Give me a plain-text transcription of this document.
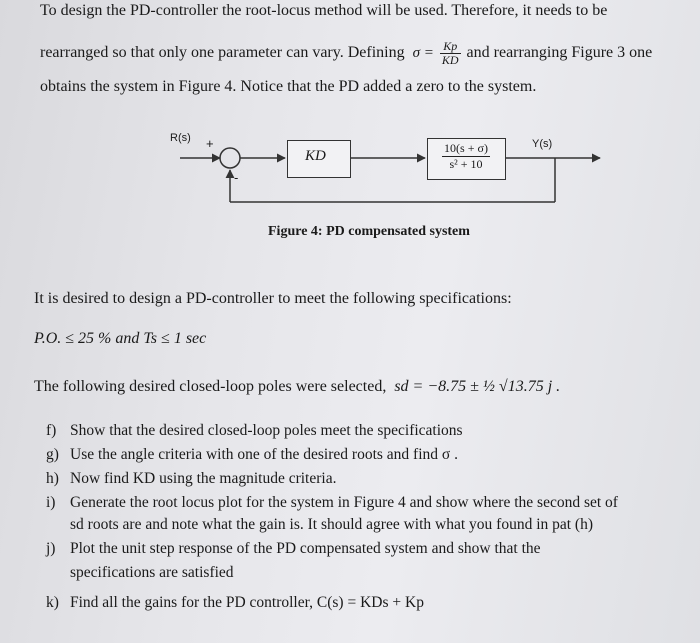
To design the PD-controller the root-locus method will be used. Therefore, it needs to be
rearranged so that only one parameter can vary. Defining $\sigma = \frac{Kp}{KD}$ and rearranging Figure 3 one
obtains the system in Figure 4. Notice that the PD added a zero to the system.
KD	$\frac{10(s + \sigma)}{\text{s² + 10}}$
R(s) +
-
Y(s)
Figure 4: PD compensated system
It is desired to design a PD-controller to meet the following specifications:
P.O. ≤ 25 % and Ts ≤ 1 sec
The following desired closed-loop poles were selected, sd = −8.75 ± ½ √13.75 j .
f) Show that the desired closed-loop poles meet the specifications
g) Use the angle criteria with one of the desired roots and find σ .
h) Now find KD using the magnitude criteria.
i) Generate the root locus plot for the system in Figure 4 and show where the second set of
sd roots are and note what the gain is. It should agree with what you found in pat (h)
j) Plot the unit step response of the PD compensated system and show that the
specifications are satisfied
k) Find all the gains for the PD controller, C(s) = KDs + Kp
